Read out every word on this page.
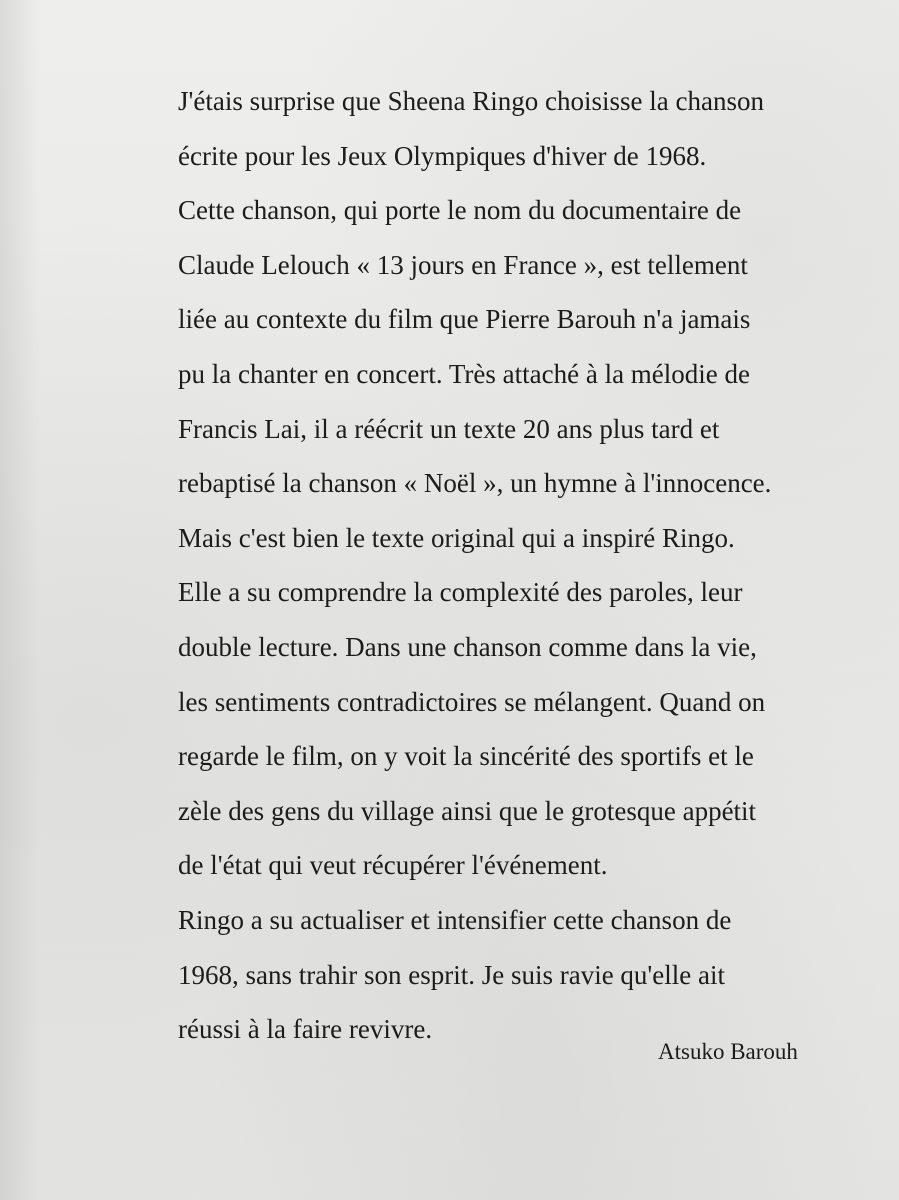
J'étais surprise que Sheena Ringo choisisse la chanson
écrite pour les Jeux Olympiques d'hiver de 1968.
Cette chanson, qui porte le nom du documentaire de
Claude Lelouch « 13 jours en France », est tellement
liée au contexte du film que Pierre Barouh n'a jamais
pu la chanter en concert. Très attaché à la mélodie de
Francis Lai, il a réécrit un texte 20 ans plus tard et
rebaptisé la chanson « Noël », un hymne à l'innocence.
Mais c'est bien le texte original qui a inspiré Ringo.
Elle a su comprendre la complexité des paroles, leur
double lecture. Dans une chanson comme dans la vie,
les sentiments contradictoires se mélangent. Quand on
regarde le film, on y voit la sincérité des sportifs et le
zèle des gens du village ainsi que le grotesque appétit
de l'état qui veut récupérer l'événement.
Ringo a su actualiser et intensifier cette chanson de
1968, sans trahir son esprit. Je suis ravie qu'elle ait
réussi à la faire revivre.
Atsuko Barouh
